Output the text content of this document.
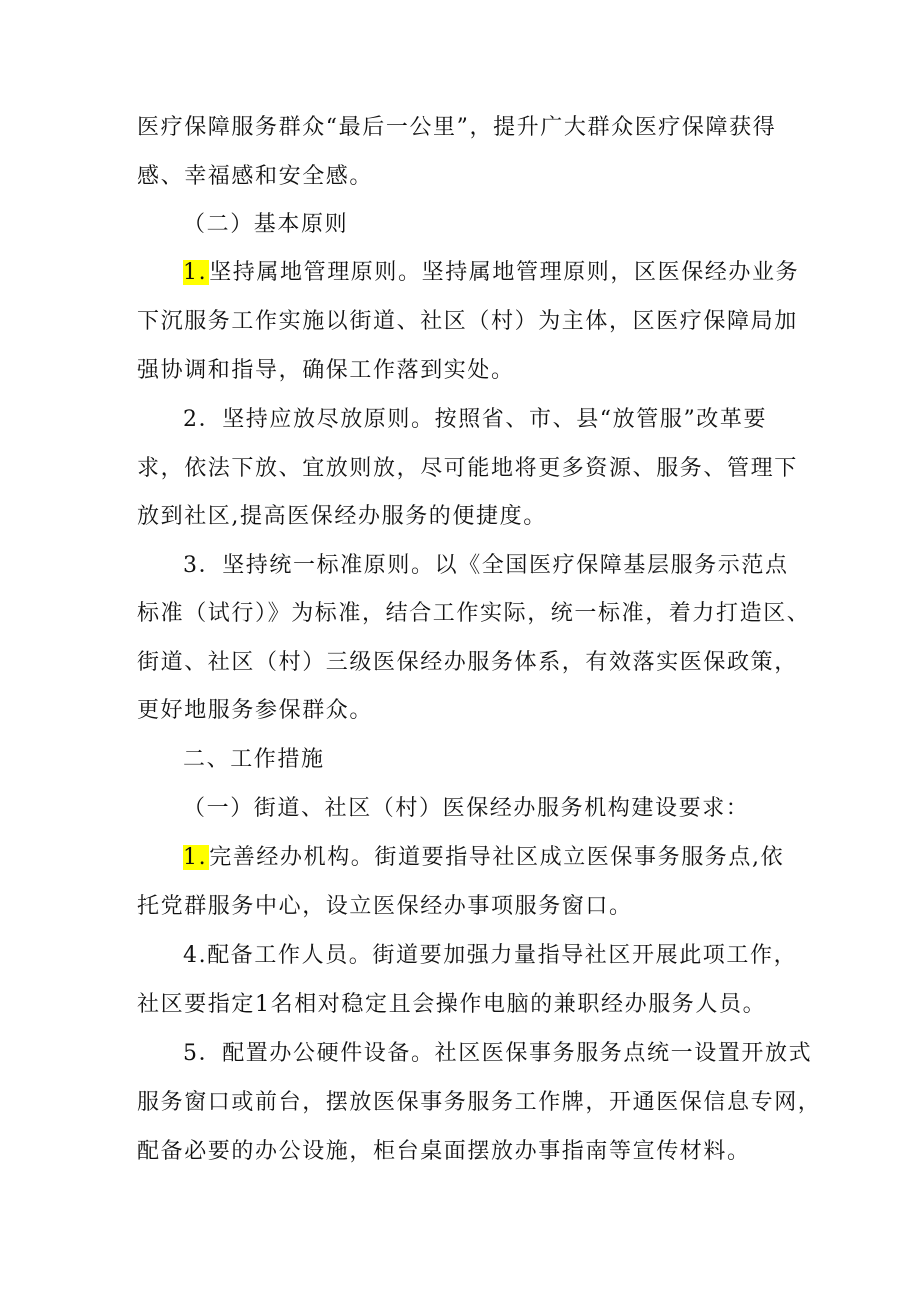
医疗保障服务群众“最后一公里”，提升广大群众医疗保障获得
感、幸福感和安全感。
（二）基本原则
1.坚持属地管理原则。坚持属地管理原则，区医保经办业务
下沉服务工作实施以街道、社区（村）为主体，区医疗保障局加
强协调和指导，确保工作落到实处。
2．坚持应放尽放原则。按照省、市、县“放管服”改革要
求，依法下放、宜放则放，尽可能地将更多资源、服务、管理下
放到社区,提高医保经办服务的便捷度。
3．坚持统一标准原则。以《全国医疗保障基层服务示范点
标准（试行）》为标准，结合工作实际，统一标准，着力打造区、
街道、社区（村）三级医保经办服务体系，有效落实医保政策，
更好地服务参保群众。
二、工作措施
（一）街道、社区（村）医保经办服务机构建设要求：
1.完善经办机构。街道要指导社区成立医保事务服务点,依
托党群服务中心，设立医保经办事项服务窗口。
4.配备工作人员。街道要加强力量指导社区开展此项工作，
社区要指定1名相对稳定且会操作电脑的兼职经办服务人员。
5．配置办公硬件设备。社区医保事务服务点统一设置开放式
服务窗口或前台，摆放医保事务服务工作牌，开通医保信息专网，
配备必要的办公设施，柜台桌面摆放办事指南等宣传材料。
